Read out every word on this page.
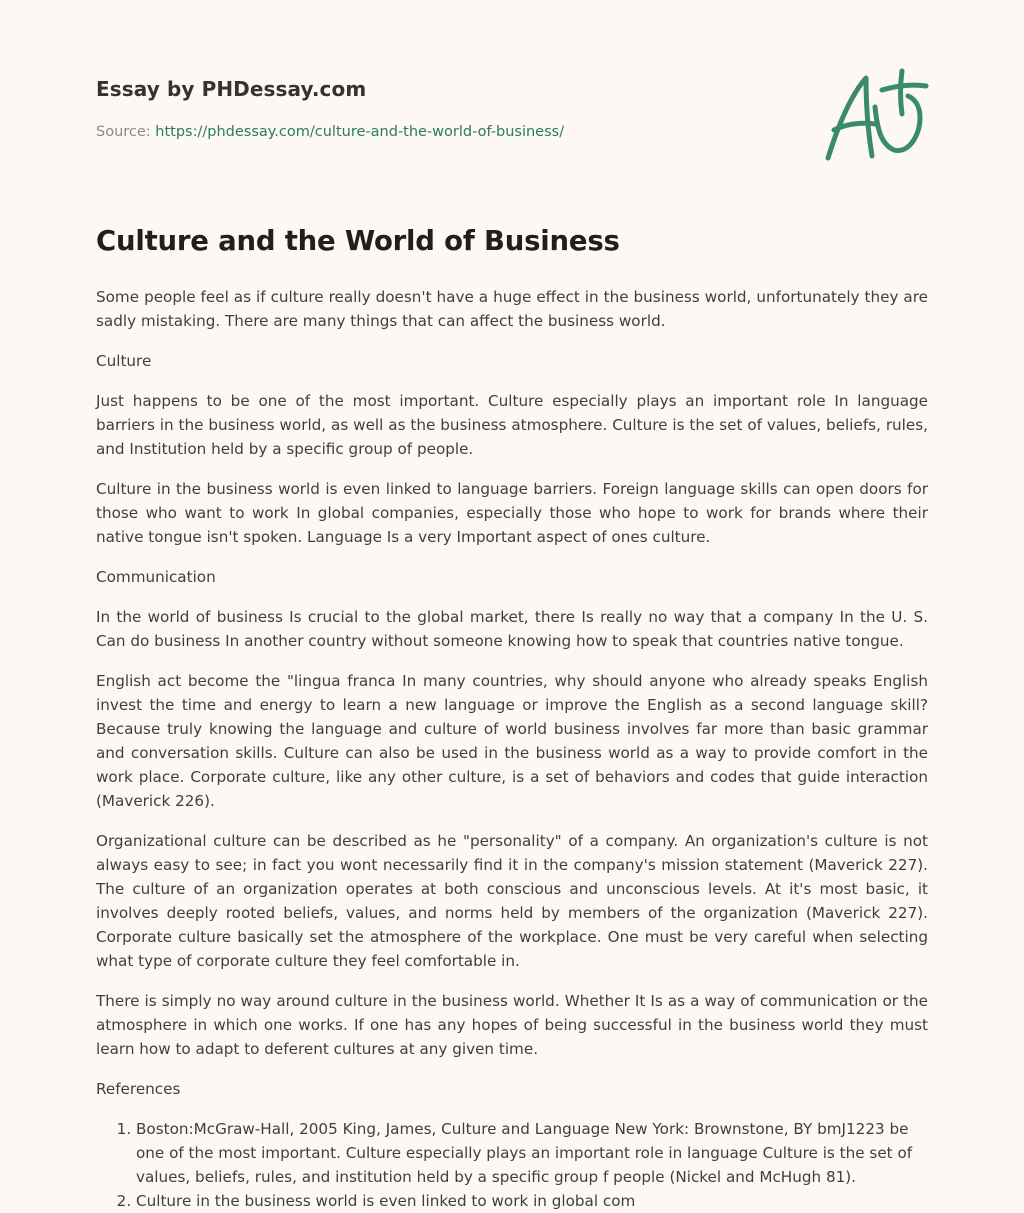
Essay by PHDessay.com
Source: https://phdessay.com/culture-and-the-world-of-business/
Culture and the World of Business

Some people feel as if culture really doesn't have a huge effect in the business world, unfortunately they are sadly mistaking. There are many things that can affect the business world.

Culture

Just happens to be one of the most important. Culture especially plays an important role In language barriers in the business world, as well as the business atmosphere. Culture is the set of values, beliefs, rules, and Institution held by a specific group of people.

Culture in the business world is even linked to language barriers. Foreign language skills can open doors for those who want to work In global companies, especially those who hope to work for brands where their native tongue isn't spoken. Language Is a very Important aspect of ones culture.

Communication

In the world of business Is crucial to the global market, there Is really no way that a company In the U. S. Can do business In another country without someone knowing how to speak that countries native tongue.

English act become the "lingua franca In many countries, why should anyone who already speaks English invest the time and energy to learn a new language or improve the English as a second language skill? Because truly knowing the language and culture of world business involves far more than basic grammar and conversation skills. Culture can also be used in the business world as a way to provide comfort in the work place. Corporate culture, like any other culture, is a set of behaviors and codes that guide interaction (Maverick 226).

Organizational culture can be described as he "personality" of a company. An organization's culture is not always easy to see; in fact you wont necessarily find it in the company's mission statement (Maverick 227). The culture of an organization operates at both conscious and unconscious levels. At it's most basic, it involves deeply rooted beliefs, values, and norms held by members of the organization (Maverick 227). Corporate culture basically set the atmosphere of the workplace. One must be very careful when selecting what type of corporate culture they feel comfortable in.

There is simply no way around culture in the business world. Whether It Is as a way of communication or the atmosphere in which one works. If one has any hopes of being successful in the business world they must learn how to adapt to deferent cultures at any given time.

References

1. Boston:McGraw-Hall, 2005 King, James, Culture and Language New York: Brownstone, BY bmJ1223 be one of the most important. Culture especially plays an important role in language Culture is the set of values, beliefs, rules, and institution held by a specific group f people (Nickel and McHugh 81).
2. Culture in the business world is even linked to work in global com
